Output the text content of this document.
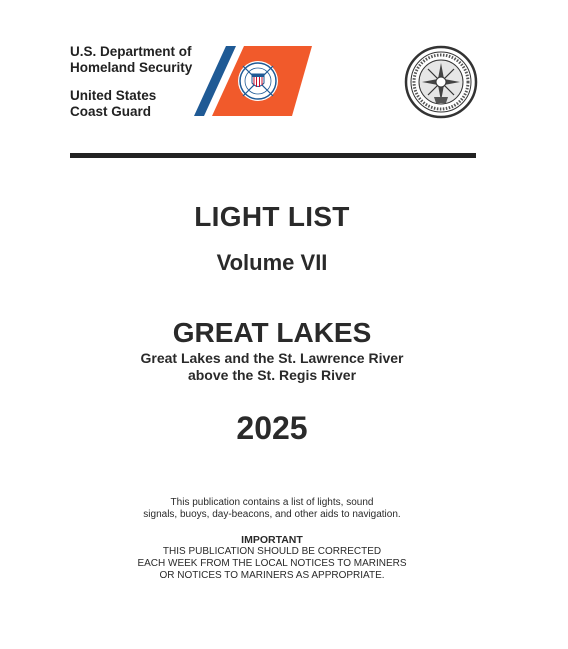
U.S. Department of
Homeland Security
United States
Coast Guard
LIGHT LIST
Volume VII
GREAT LAKES
Great Lakes and the St. Lawrence River
above the St. Regis River
2025
This publication contains a list of lights, sound
signals, buoys, day-beacons, and other aids to navigation.
IMPORTANT
THIS PUBLICATION SHOULD BE CORRECTED
EACH WEEK FROM THE LOCAL NOTICES TO MARINERS
OR NOTICES TO MARINERS AS APPROPRIATE.
